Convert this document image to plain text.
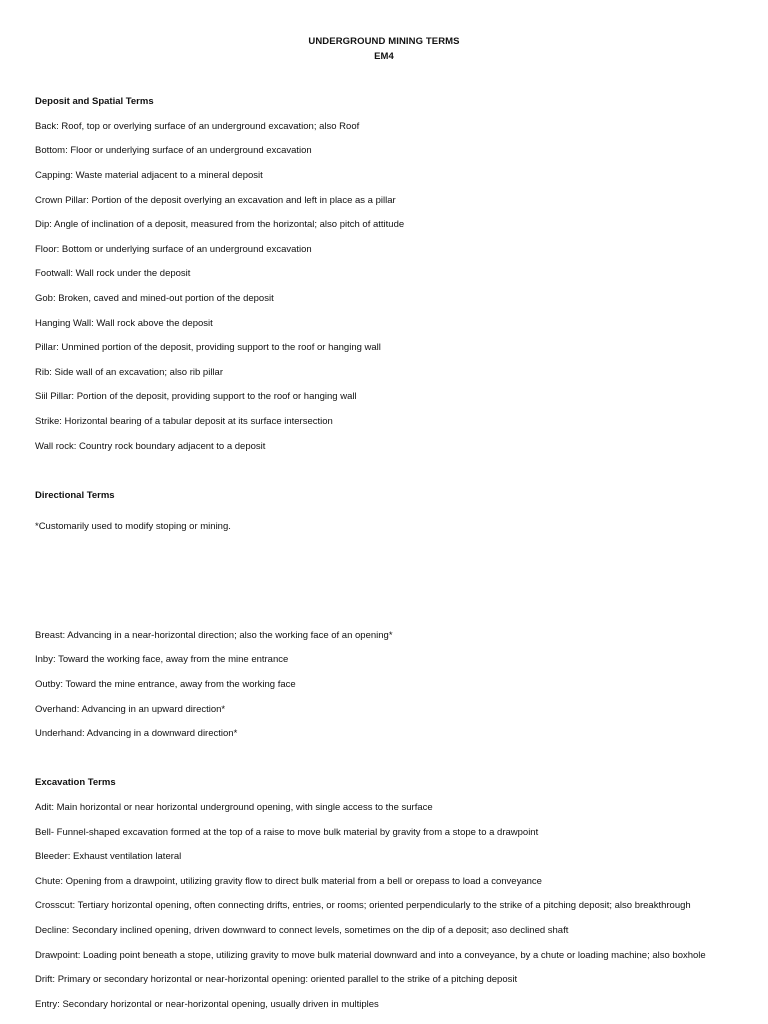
UNDERGROUND MINING TERMS
EM4
Deposit and Spatial Terms
Back: Roof, top or overlying surface of an underground excavation; also Roof
Bottom: Floor or underlying surface of an underground excavation
Capping: Waste material adjacent to a mineral deposit
Crown Pillar: Portion of the deposit overlying an excavation and left in place as a pillar
Dip: Angle of inclination of a deposit, measured from the horizontal; also pitch of attitude
Floor: Bottom or underlying surface of an underground excavation
Footwall: Wall rock under the deposit
Gob: Broken, caved and mined-out portion of the deposit
Hanging Wall: Wall rock above the deposit
Pillar: Unmined portion of the deposit, providing support to the roof or hanging wall
Rib: Side wall of an excavation; also rib pillar
Siil Pillar: Portion of the deposit, providing support to the roof or hanging wall
Strike: Horizontal bearing of a tabular deposit at its surface intersection
Wall rock: Country rock boundary adjacent to a deposit
Directional Terms
*Customarily used to modify stoping or mining.
Breast: Advancing in a near-horizontal direction; also the working face of an opening*
Inby: Toward the working face, away from the mine entrance
Outby: Toward the mine entrance, away from the working face
Overhand: Advancing in an upward direction*
Underhand: Advancing in a downward direction*
Excavation Terms
Adit: Main horizontal or near horizontal underground opening, with single access to the surface
Bell- Funnel-shaped excavation formed at the top of a raise to move bulk material by gravity from a stope to a drawpoint
Bleeder: Exhaust ventilation lateral
Chute: Opening from a drawpoint, utilizing gravity flow to direct bulk material from a bell or orepass to load a conveyance
Crosscut: Tertiary horizontal opening, often connecting drifts, entries, or rooms; oriented perpendicularly to the strike of a pitching deposit; also breakthrough
Decline: Secondary inclined opening, driven downward to connect levels, sometimes on the dip of a deposit; aso declined shaft
Drawpoint: Loading point beneath a stope, utilizing gravity to move bulk material downward and into a conveyance, by a chute or loading machine; also boxhole
Drift: Primary or secondary horizontal or near-horizontal opening: oriented parallel to the strike of a pitching deposit
Entry: Secondary horizontal or near-horizontal opening, usually driven in multiples
